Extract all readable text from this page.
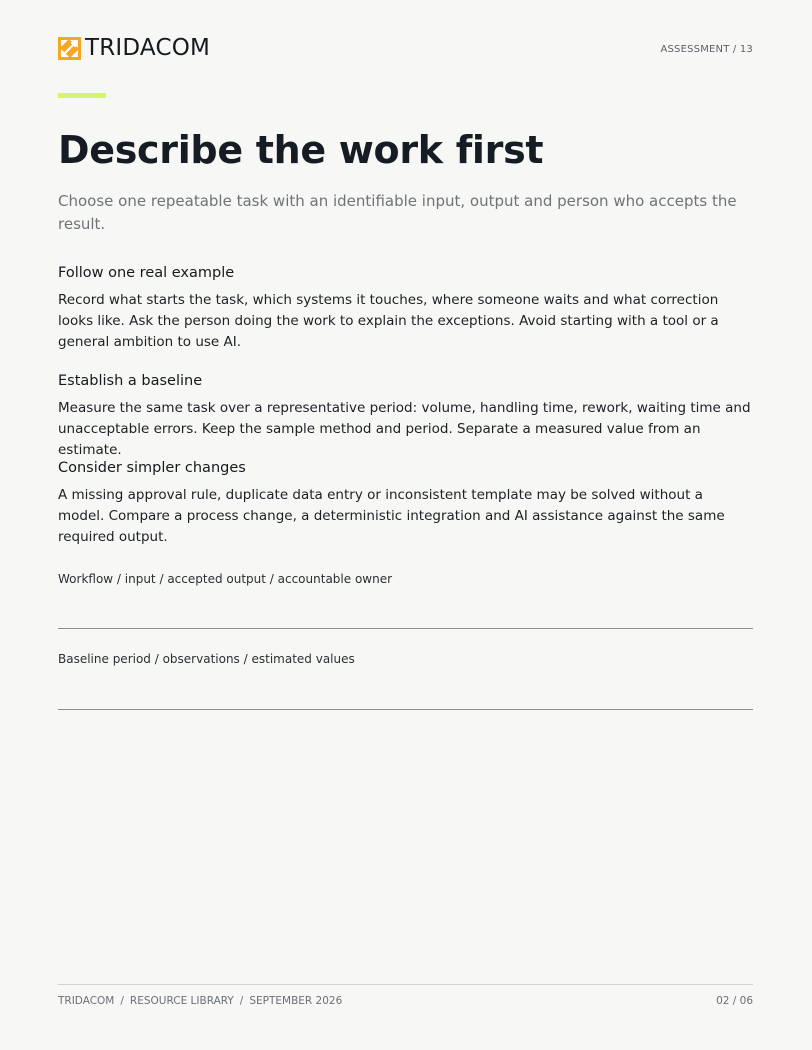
TRIDACOM	ASSESSMENT / 13
Describe the work first

Choose one repeatable task with an identifiable input, output and person who accepts the result.

Follow one real example

Record what starts the task, which systems it touches, where someone waits and what correction looks like. Ask the person doing the work to explain the exceptions. Avoid starting with a tool or a general ambition to use AI.

Establish a baseline

Measure the same task over a representative period: volume, handling time, rework, waiting time and unacceptable errors. Keep the sample method and period. Separate a measured value from an estimate.

Consider simpler changes

A missing approval rule, duplicate data entry or inconsistent template may be solved without a model. Compare a process change, a deterministic integration and AI assistance against the same required output.

Workflow / input / accepted output / accountable owner
Baseline period / observations / estimated values
TRIDACOM / RESOURCE LIBRARY / SEPTEMBER 2026	02 / 06
